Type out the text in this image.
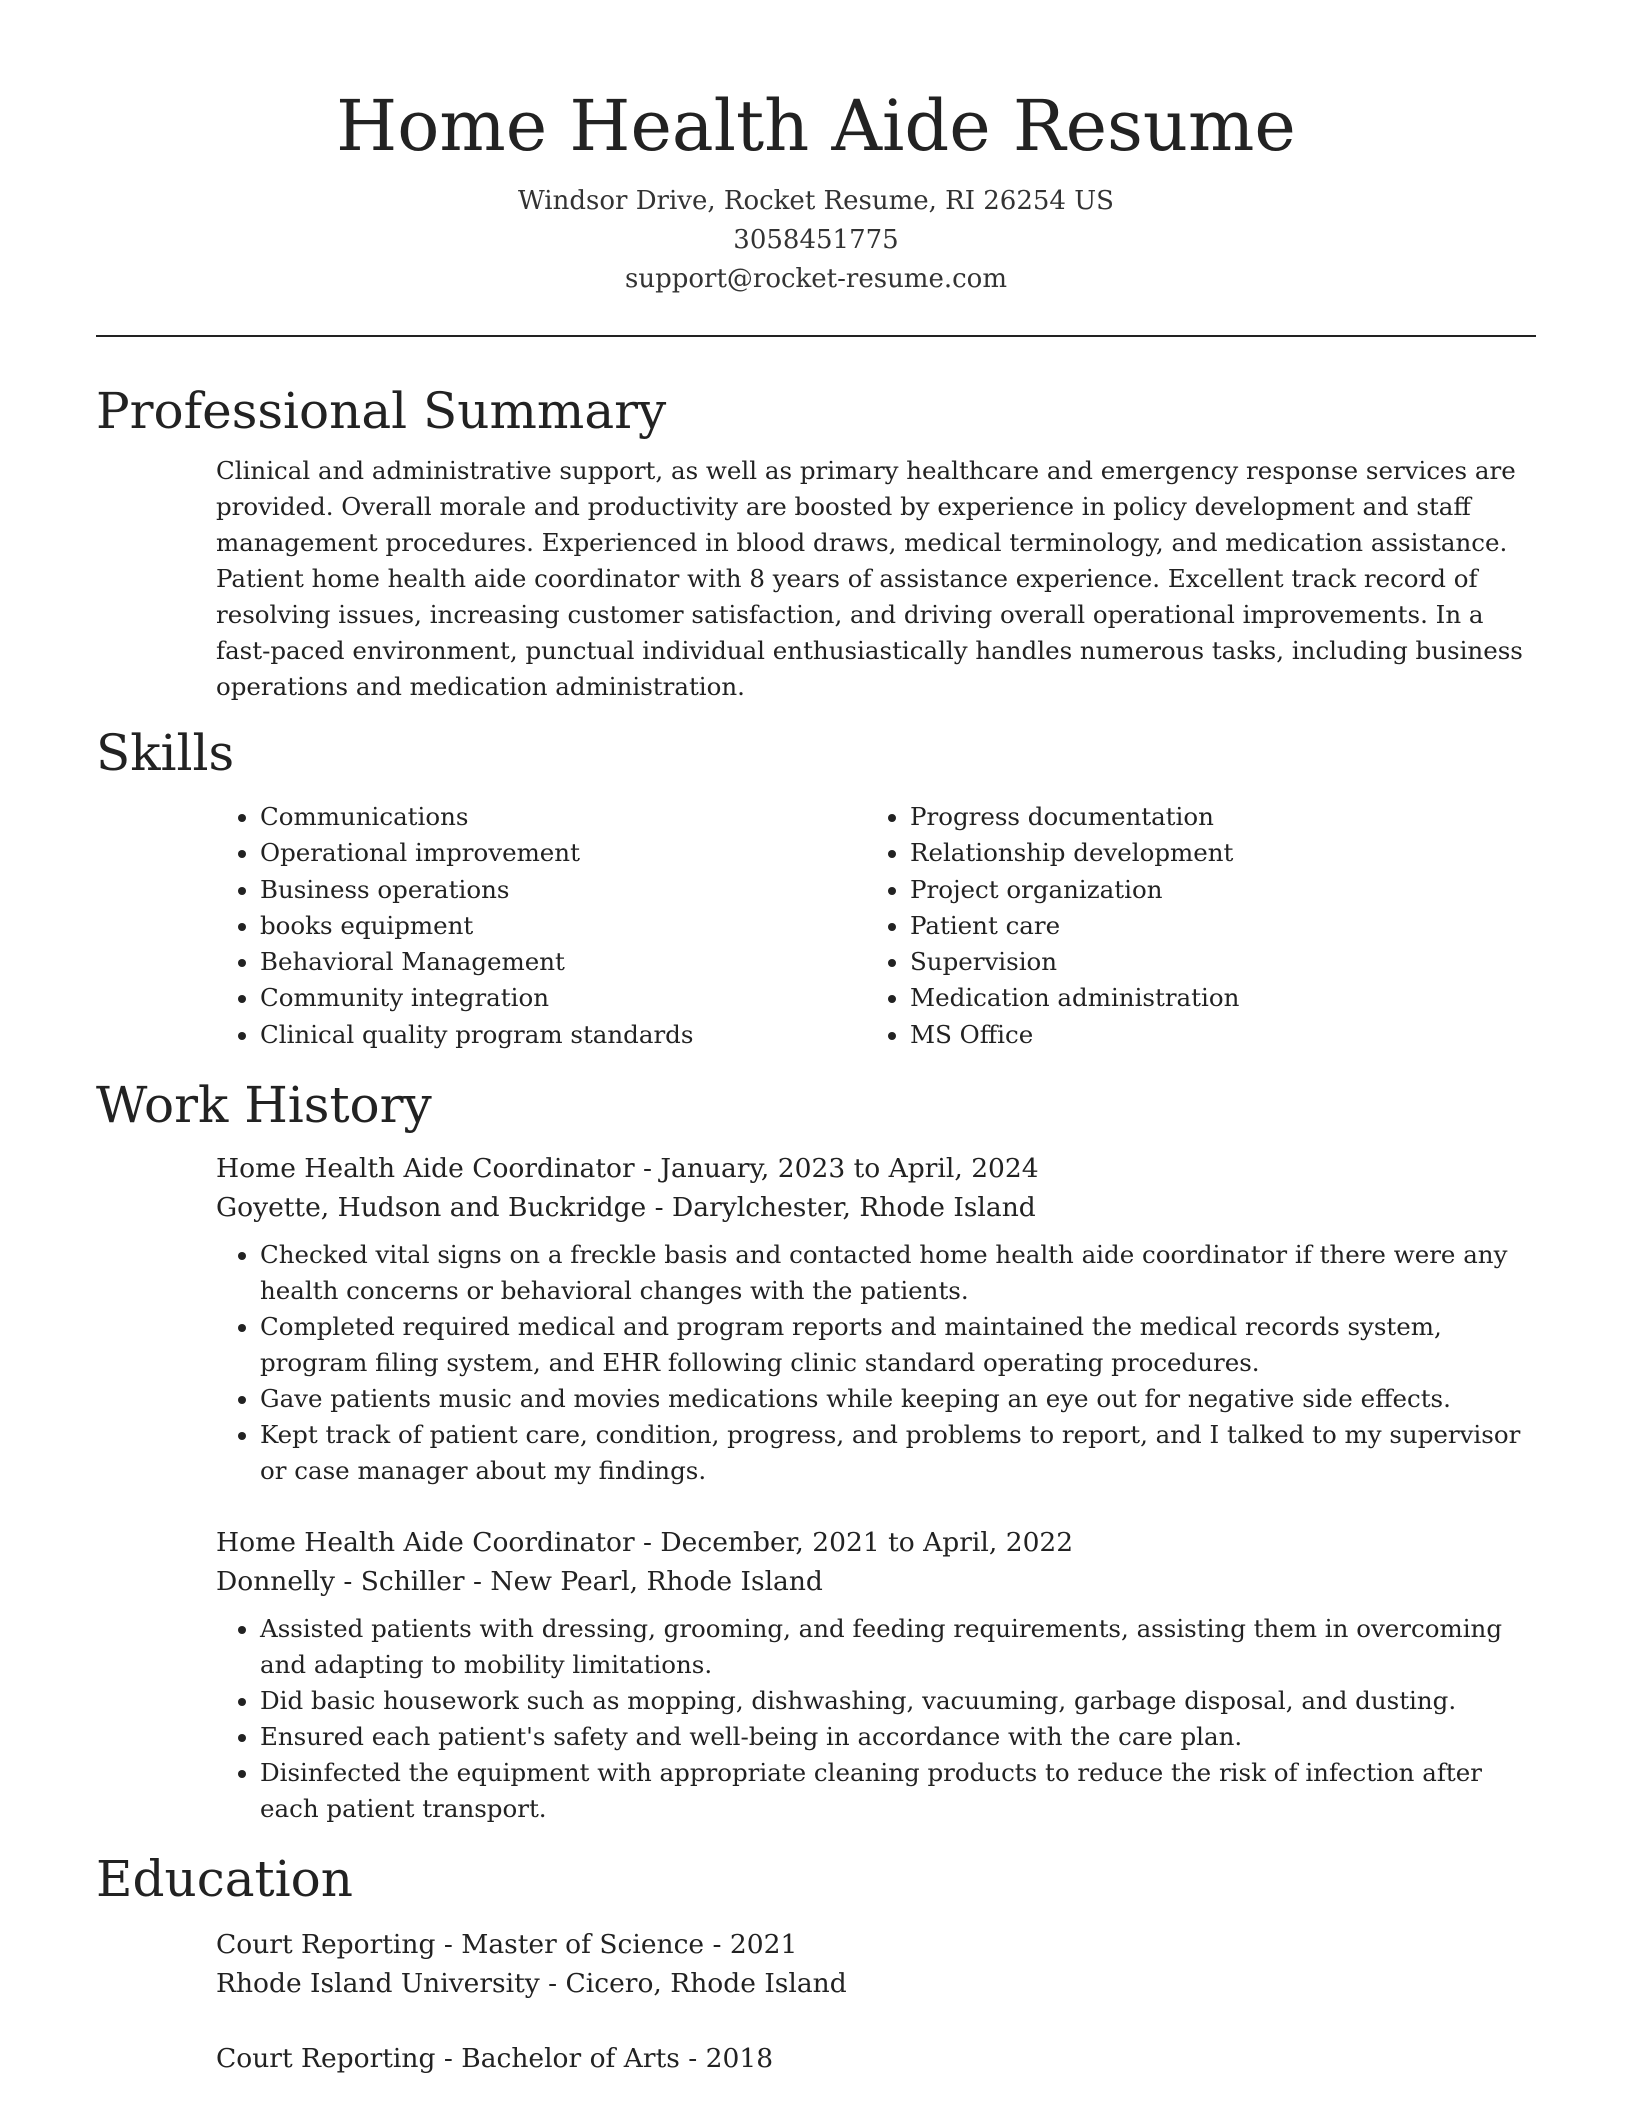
Home Health Aide Resume
Windsor Drive, Rocket Resume, RI 26254 US
3058451775
support@rocket-resume.com
Professional Summary
Clinical and administrative support, as well as primary healthcare and emergency response services are provided. Overall morale and productivity are boosted by experience in policy development and staff management procedures. Experienced in blood draws, medical terminology, and medication assistance. Patient home health aide coordinator with 8 years of assistance experience. Excellent track record of resolving issues, increasing customer satisfaction, and driving overall operational improvements. In a fast-paced environment, punctual individual enthusiastically handles numerous tasks, including business operations and medication administration.
Skills
• Communications
• Operational improvement
• Business operations
• books equipment
• Behavioral Management
• Community integration
• Clinical quality program standards
• Progress documentation
• Relationship development
• Project organization
• Patient care
• Supervision
• Medication administration
• MS Office
Work History
Home Health Aide Coordinator - January, 2023 to April, 2024
Goyette, Hudson and Buckridge - Darylchester, Rhode Island
• Checked vital signs on a freckle basis and contacted home health aide coordinator if there were any health concerns or behavioral changes with the patients.
• Completed required medical and program reports and maintained the medical records system, program filing system, and EHR following clinic standard operating procedures.
• Gave patients music and movies medications while keeping an eye out for negative side effects.
• Kept track of patient care, condition, progress, and problems to report, and I talked to my supervisor or case manager about my findings.
Home Health Aide Coordinator - December, 2021 to April, 2022
Donnelly - Schiller - New Pearl, Rhode Island
• Assisted patients with dressing, grooming, and feeding requirements, assisting them in overcoming and adapting to mobility limitations.
• Did basic housework such as mopping, dishwashing, vacuuming, garbage disposal, and dusting.
• Ensured each patient's safety and well-being in accordance with the care plan.
• Disinfected the equipment with appropriate cleaning products to reduce the risk of infection after each patient transport.
Education
Court Reporting - Master of Science - 2021
Rhode Island University - Cicero, Rhode Island
Court Reporting - Bachelor of Arts - 2018
